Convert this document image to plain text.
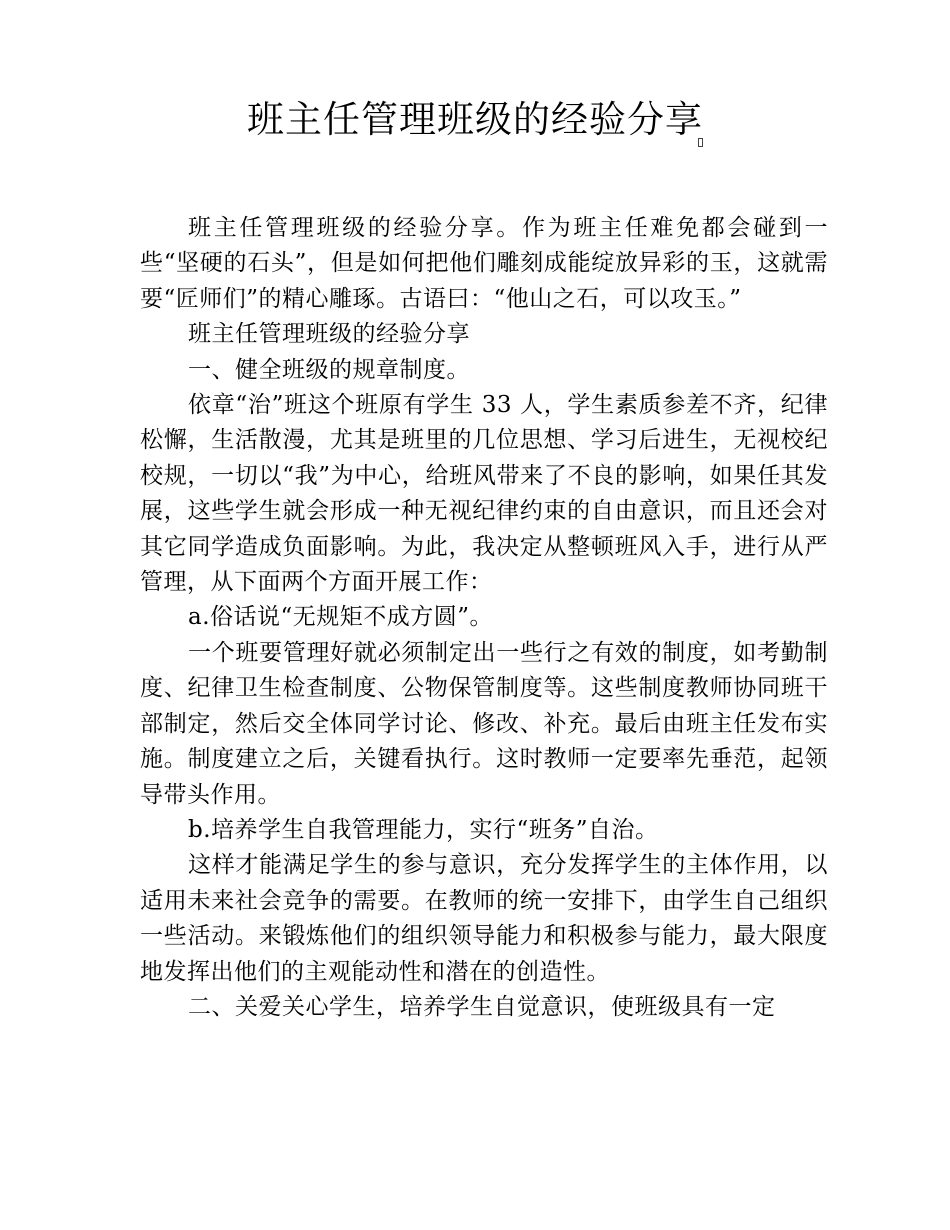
班主任管理班级的经验分享

班主任管理班级的经验分享。作为班主任难免都会碰到一些“坚硬的石头”，但是如何把他们雕刻成能绽放异彩的玉，这就需要“匠师们”的精心雕琢。古语曰：“他山之石，可以攻玉。”

班主任管理班级的经验分享

一、健全班级的规章制度。

依章“治”班这个班原有学生 33 人，学生素质参差不齐，纪律松懈，生活散漫，尤其是班里的几位思想、学习后进生，无视校纪校规，一切以“我”为中心，给班风带来了不良的影响，如果任其发展，这些学生就会形成一种无视纪律约束的自由意识，而且还会对其它同学造成负面影响。为此，我决定从整顿班风入手，进行从严管理，从下面两个方面开展工作：

a.俗话说“无规矩不成方圆”。

一个班要管理好就必须制定出一些行之有效的制度，如考勤制度、纪律卫生检查制度、公物保管制度等。这些制度教师协同班干部制定，然后交全体同学讨论、修改、补充。最后由班主任发布实施。制度建立之后，关键看执行。这时教师一定要率先垂范，起领导带头作用。

b.培养学生自我管理能力，实行“班务”自治。

这样才能满足学生的参与意识，充分发挥学生的主体作用，以适用未来社会竞争的需要。在教师的统一安排下，由学生自己组织一些活动。来锻炼他们的组织领导能力和积极参与能力，最大限度地发挥出他们的主观能动性和潜在的创造性。

二、关爱关心学生，培养学生自觉意识，使班级具有一定
